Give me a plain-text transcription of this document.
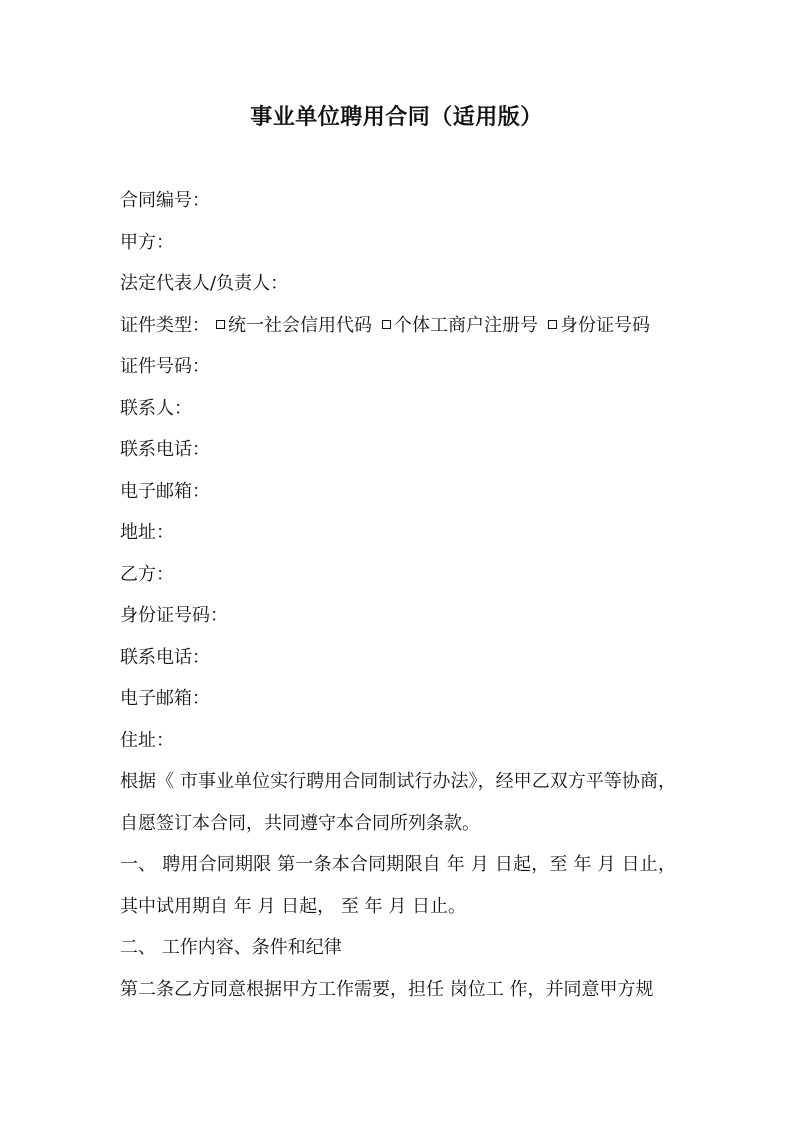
事业单位聘用合同（适用版）
合同编号：
甲方：
法定代表人/负责人：
证件类型： 统一社会信用代码 个体工商户注册号 身份证号码
证件号码：
联系人：
联系电话：
电子邮箱：
地址：
乙方：
身份证号码：
联系电话：
电子邮箱：
住址：
根据《 市事业单位实行聘用合同制试行办法》，经甲乙双方平等协商，自愿签订本合同，共同遵守本合同所列条款。
一、 聘用合同期限 第一条本合同期限自 年 月 日起，至 年 月 日止，其中试用期自 年 月 日起， 至 年 月 日止。
二、 工作内容、条件和纪律
第二条乙方同意根据甲方工作需要，担任 岗位工 作，并同意甲方规
